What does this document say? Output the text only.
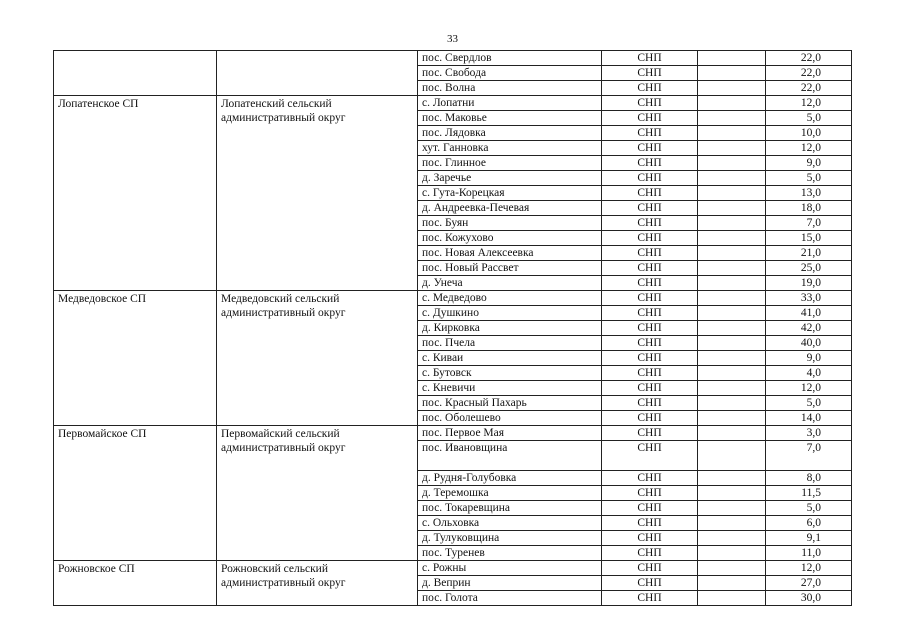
33
		пос. Свердлов	СНП		22,0
		пос. Свобода	СНП		22,0
		пос. Волна	СНП		22,0
Лопатенское СП	Лопатенский сельский административный округ	с. Лопатни	СНП		12,0
		пос. Маковье	СНП		5,0
		пос. Лядовка	СНП		10,0
		хут. Ганновка	СНП		12,0
		пос. Глинное	СНП		9,0
		д. Заречье	СНП		5,0
		с. Гута-Корецкая	СНП		13,0
		д. Андреевка-Печевая	СНП		18,0
		пос. Буян	СНП		7,0
		пос. Кожухово	СНП		15,0
		пос. Новая Алексеевка	СНП		21,0
		пос. Новый Рассвет	СНП		25,0
		д. Унеча	СНП		19,0
Медведовское СП	Медведовский сельский административный округ	с. Медведово	СНП		33,0
		с. Душкино	СНП		41,0
		д. Кирковка	СНП		42,0
		пос. Пчела	СНП		40,0
		с. Киваи	СНП		9,0
		с. Бутовск	СНП		4,0
		с. Кневичи	СНП		12,0
		пос. Красный Пахарь	СНП		5,0
		пос. Оболешево	СНП		14,0
Первомайское СП	Первомайский сельский административный округ	пос. Первое Мая	СНП		3,0
		пос. Ивановщина	СНП		7,0
		д. Рудня-Голубовка	СНП		8,0
		д. Теремошка	СНП		11,5
		пос. Токаревщина	СНП		5,0
		с. Ольховка	СНП		6,0
		д. Тулуковщина	СНП		9,1
		пос. Туренев	СНП		11,0
Рожновское СП	Рожновский сельский административный округ	с. Рожны	СНП		12,0
		д. Веприн	СНП		27,0
		пос. Голота	СНП		30,0
